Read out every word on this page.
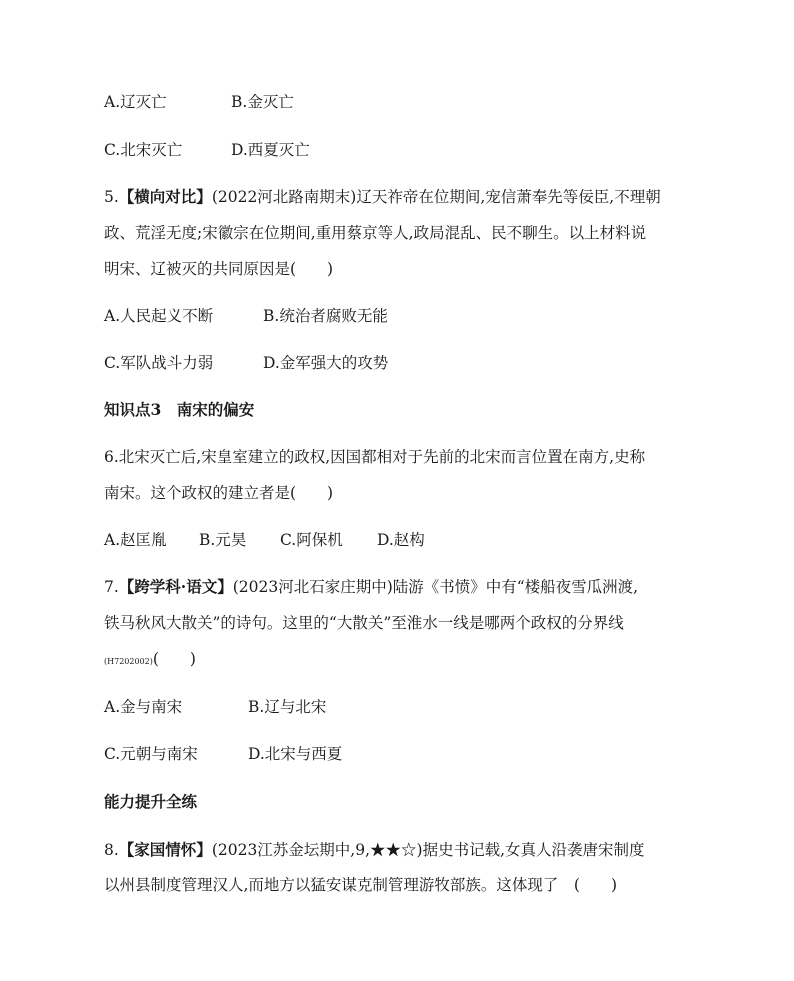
A.辽灭亡	B.金灭亡
C.北宋灭亡	D.西夏灭亡
5.【横向对比】(2022河北路南期末)辽天祚帝在位期间,宠信萧奉先等佞臣,不理朝
政、荒淫无度;宋徽宗在位期间,重用蔡京等人,政局混乱、民不聊生。以上材料说
明宋、辽被灭的共同原因是(　　)
A.人民起义不断	B.统治者腐败无能
C.军队战斗力弱	D.金军强大的攻势
知识点3　南宋的偏安
6.北宋灭亡后,宋皇室建立的政权,因国都相对于先前的北宋而言位置在南方,史称
南宋。这个政权的建立者是(　　)
A.赵匡胤 B.元昊 C.阿保机 D.赵构
7.【跨学科·语文】(2023河北石家庄期中)陆游《书愤》中有“楼船夜雪瓜洲渡,
铁马秋风大散关”的诗句。这里的“大散关”至淮水一线是哪两个政权的分界线
(H7202002)(　　)
A.金与南宋	B.辽与北宋
C.元朝与南宋	D.北宋与西夏
能力提升全练
8.【家国情怀】(2023江苏金坛期中,9,★★☆)据史书记载,女真人沿袭唐宋制度
以州县制度管理汉人,而地方以猛安谋克制管理游牧部族。这体现了　(　　)
